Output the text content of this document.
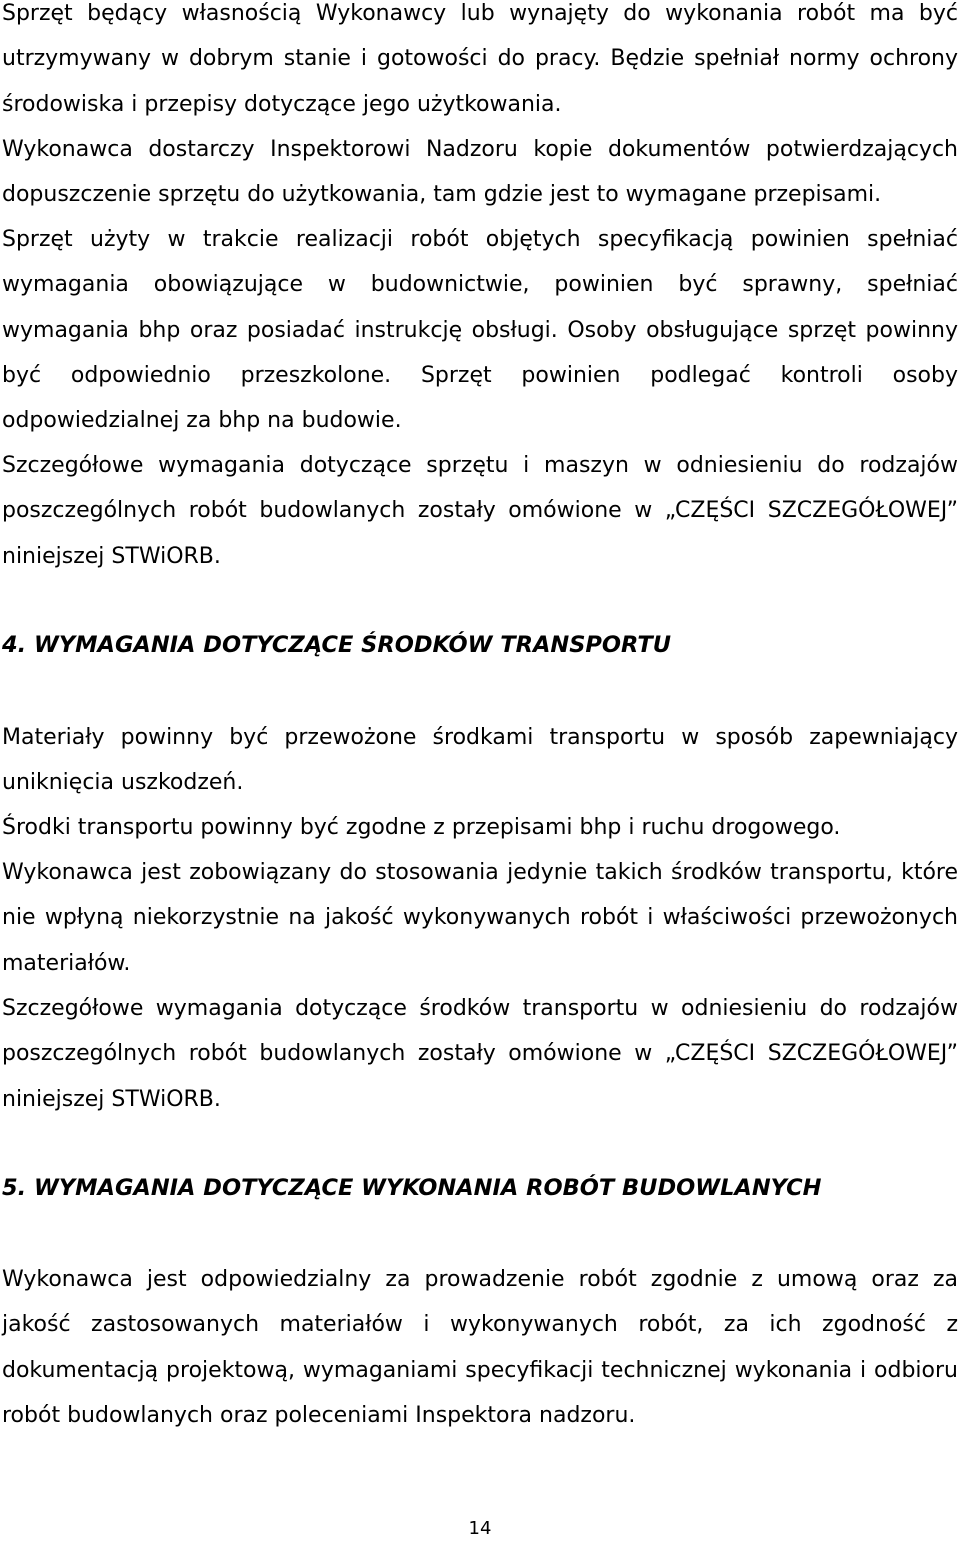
Sprzęt będący własnością Wykonawcy lub wynajęty do wykonania robót ma być utrzymywany w dobrym stanie i gotowości do pracy. Będzie spełniał normy ochrony środowiska i przepisy dotyczące jego użytkowania.

Wykonawca dostarczy Inspektorowi Nadzoru kopie dokumentów potwierdzających dopuszczenie sprzętu do użytkowania, tam gdzie jest to wymagane przepisami.

Sprzęt użyty w trakcie realizacji robót objętych specyfikacją powinien spełniać wymagania obowiązujące w budownictwie, powinien być sprawny, spełniać wymagania bhp oraz posiadać instrukcję obsługi. Osoby obsługujące sprzęt powinny być odpowiednio przeszkolone. Sprzęt powinien podlegać kontroli osoby odpowiedzialnej za bhp na budowie.

Szczegółowe wymagania dotyczące sprzętu i maszyn w odniesieniu do rodzajów poszczególnych robót budowlanych zostały omówione w „CZĘŚCI SZCZEGÓŁOWEJ” niniejszej STWiORB.

4. WYMAGANIA DOTYCZĄCE ŚRODKÓW TRANSPORTU

Materiały powinny być przewożone środkami transportu w sposób zapewniający uniknięcia uszkodzeń.

Środki transportu powinny być zgodne z przepisami bhp i ruchu drogowego.

Wykonawca jest zobowiązany do stosowania jedynie takich środków transportu, które nie wpłyną niekorzystnie na jakość wykonywanych robót i właściwości przewożonych materiałów.

Szczegółowe wymagania dotyczące środków transportu w odniesieniu do rodzajów poszczególnych robót budowlanych zostały omówione w „CZĘŚCI SZCZEGÓŁOWEJ” niniejszej STWiORB.

5. WYMAGANIA DOTYCZĄCE WYKONANIA ROBÓT BUDOWLANYCH

Wykonawca jest odpowiedzialny za prowadzenie robót zgodnie z umową oraz za jakość zastosowanych materiałów i wykonywanych robót, za ich zgodność z dokumentacją projektową, wymaganiami specyfikacji technicznej wykonania i odbioru robót budowlanych oraz poleceniami Inspektora nadzoru.

14
